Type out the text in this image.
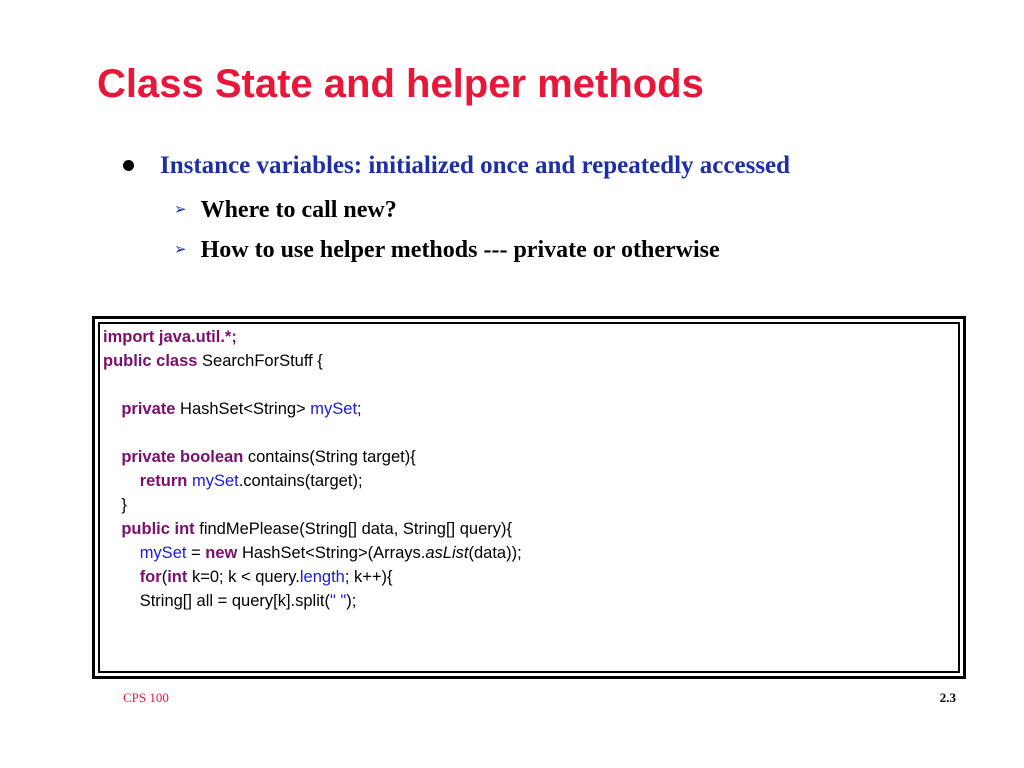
Class State and helper methods
Instance variables: initialized once and repeatedly accessed
➢ Where to call new?
➢ How to use helper methods --- private or otherwise
import java.util.*;
public class SearchForStuff {

private HashSet<String> mySet;

private boolean contains(String target){
return mySet.contains(target);
}
public int findMePlease(String[] data, String[] query){
mySet = new HashSet<String>(Arrays.asList(data));
for(int k=0; k < query.length; k++){
String[] all = query[k].split(" ");
CPS 100	2.3
